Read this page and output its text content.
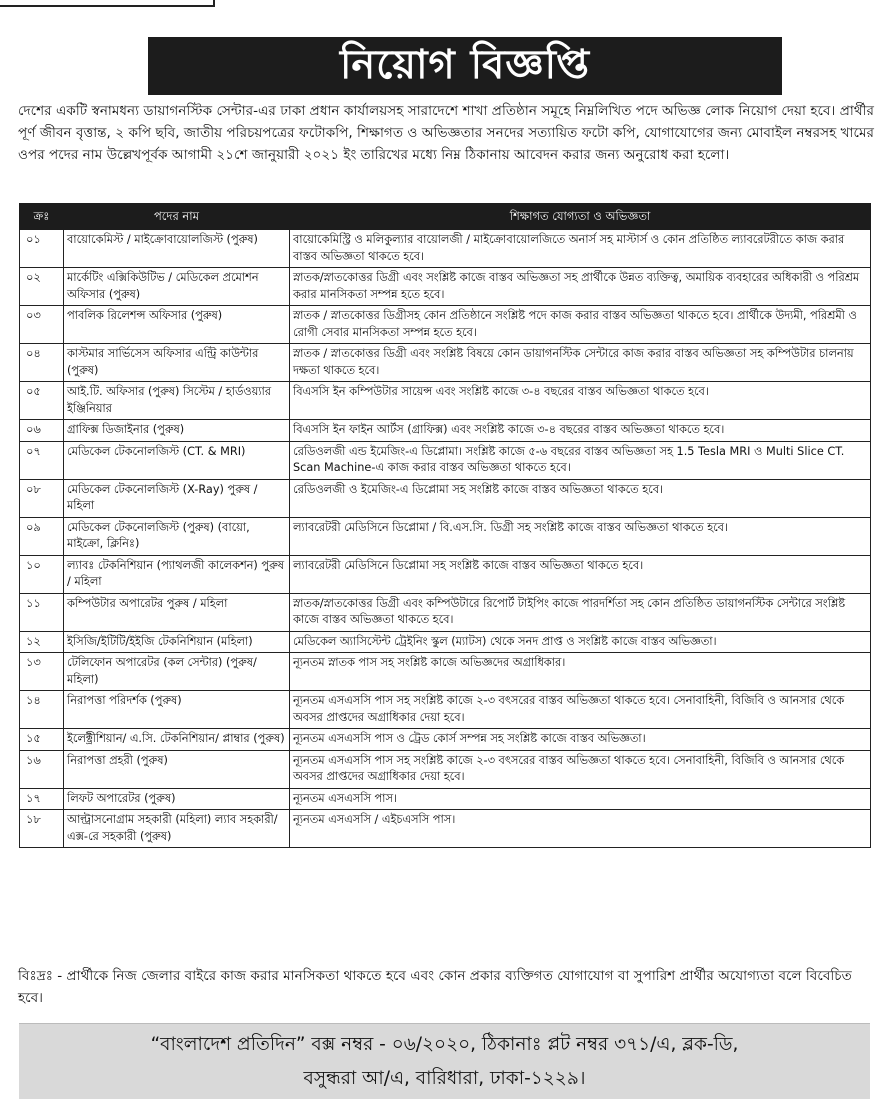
নিয়োগ বিজ্ঞপ্তি
দেশের একটি স্বনামধন্য ডায়াগনস্টিক সেন্টার-এর ঢাকা প্রধান কার্যালয়সহ সারাদেশে শাখা প্রতিষ্ঠান সমূহে নিম্নলিখিত পদে অভিজ্ঞ লোক নিয়োগ দেয়া হবে। প্রার্থীর পূর্ণ জীবন বৃত্তান্ত, ২ কপি ছবি, জাতীয় পরিচয়পত্রের ফটোকপি, শিক্ষাগত ও অভিজ্ঞতার সনদের সত্যায়িত ফটো কপি, যোগাযোগের জন্য মোবাইল নম্বরসহ খামের ওপর পদের নাম উল্লেখপূর্বক আগামী ২১শে জানুয়ারী ২০২১ ইং তারিখের মধ্যে নিম্ন ঠিকানায় আবেদন করার জন্য অনুরোধ করা হলো।
ক্রঃ	পদের নাম	শিক্ষাগত যোগ্যতা ও অভিজ্ঞতা
০১	বায়োকেমিস্ট / মাইক্রোবায়োলজিস্ট (পুরুষ)	বায়োকেমিস্ট্রি ও মলিকুল্যার বায়োলজী / মাইক্রোবায়োলজিতে অনার্স সহ মাস্টার্স ও কোন প্রতিষ্ঠিত ল্যাবরেটরীতে কাজ করার বাস্তব অভিজ্ঞতা থাকতে হবে।
০২	মার্কেটিং এক্সিকিউটিভ / মেডিকেল প্রমোশন অফিসার (পুরুষ)	স্নাতক/স্নাতকোত্তর ডিগ্রী এবং সংশ্লিষ্ট কাজে বাস্তব অভিজ্ঞতা সহ প্রার্থীকে উন্নত ব্যক্তিত্ব, অমায়িক ব্যবহারের অধিকারী ও পরিশ্রম করার মানসিকতা সম্পন্ন হতে হবে।
০৩	পাবলিক রিলেশন্স অফিসার (পুরুষ)	স্নাতক / স্নাতকোত্তর ডিগ্রীসহ কোন প্রতিষ্ঠানে সংশ্লিষ্ট পদে কাজ করার বাস্তব অভিজ্ঞতা থাকতে হবে। প্রার্থীকে উদ্যমী, পরিশ্রমী ও রোগী সেবার মানসিকতা সম্পন্ন হতে হবে।
০৪	কাস্টমার সার্ভিসেস অফিসার এন্ট্রি কাউন্টার (পুরুষ)	স্নাতক / স্নাতকোত্তর ডিগ্রী এবং সংশ্লিষ্ট বিষয়ে কোন ডায়াগনস্টিক সেন্টারে কাজ করার বাস্তব অভিজ্ঞতা সহ কম্পিউটার চালনায় দক্ষতা থাকতে হবে।
০৫	আই.টি. অফিসার (পুরুষ) সিস্টেম / হার্ডওয়্যার ইঞ্জিনিয়ার	বিএসসি ইন কম্পিউটার সায়েন্স এবং সংশ্লিষ্ট কাজে ৩-৪ বছরের বাস্তব অভিজ্ঞতা থাকতে হবে।
০৬	গ্রাফিক্স ডিজাইনার (পুরুষ)	বিএসসি ইন ফাইন আর্টস (গ্রাফিক্স) এবং সংশ্লিষ্ট কাজে ৩-৪ বছরের বাস্তব অভিজ্ঞতা থাকতে হবে।
০৭	মেডিকেল টেকনোলজিস্ট (CT. & MRI)	রেডিওলজী এন্ড ইমেজিং-এ ডিপ্লোমা। সংশ্লিষ্ট কাজে ৫-৬ বছরের বাস্তব অভিজ্ঞতা সহ 1.5 Tesla MRI ও Multi Slice CT. Scan Machine-এ কাজ করার বাস্তব অভিজ্ঞতা থাকতে হবে।
০৮	মেডিকেল টেকনোলজিস্ট (X-Ray) পুরুষ / মহিলা	রেডিওলজী ও ইমেজিং-এ ডিপ্লোমা সহ সংশ্লিষ্ট কাজে বাস্তব অভিজ্ঞতা থাকতে হবে।
০৯	মেডিকেল টেকনোলজিস্ট (পুরুষ) (বায়ো, মাইক্রো, ক্লিনিঃ)	ল্যাবরেটরী মেডিসিনে ডিপ্লোমা / বি.এস.সি. ডিগ্রী সহ সংশ্লিষ্ট কাজে বাস্তব অভিজ্ঞতা থাকতে হবে।
১০	ল্যাবঃ টেকনিশিয়ান (প্যাথলজী কালেকশন) পুরুষ / মহিলা	ল্যাবরেটরী মেডিসিনে ডিপ্লোমা সহ সংশ্লিষ্ট কাজে বাস্তব অভিজ্ঞতা থাকতে হবে।
১১	কম্পিউটার অপারেটর পুরুষ / মহিলা	স্নাতক/স্নাতকোত্তর ডিগ্রী এবং কম্পিউটারে রিপোর্ট টাইপিং কাজে পারদর্শিতা সহ কোন প্রতিষ্ঠিত ডায়াগনস্টিক সেন্টারে সংশ্লিষ্ট কাজে বাস্তব অভিজ্ঞতা থাকতে হবে।
১২	ইসিজি/ইটিটি/ইইজি টেকনিশিয়ান (মহিলা)	মেডিকেল অ্যাসিস্টেন্ট ট্রেইনিং স্কুল (ম্যাটস) থেকে সনদ প্রাপ্ত ও সংশ্লিষ্ট কাজে বাস্তব অভিজ্ঞতা।
১৩	টেলিফোন অপারেটর (কল সেন্টার) (পুরুষ/মহিলা)	ন্যূনতম স্নাতক পাস সহ সংশ্লিষ্ট কাজে অভিজ্ঞদের অগ্রাধিকার।
১৪	নিরাপত্তা পরিদর্শক (পুরুষ)	ন্যূনতম এসএসসি পাস সহ সংশ্লিষ্ট কাজে ২-৩ বৎসরের বাস্তব অভিজ্ঞতা থাকতে হবে। সেনাবাহিনী, বিজিবি ও আনসার থেকে অবসর প্রাপ্তদের অগ্রাধিকার দেয়া হবে।
১৫	ইলেক্ট্রীশিয়ান/ এ.সি. টেকনিশিয়ান/ প্লাম্বার (পুরুষ)	ন্যূনতম এসএসসি পাস ও ট্রেড কোর্স সম্পন্ন সহ সংশ্লিষ্ট কাজে বাস্তব অভিজ্ঞতা।
১৬	নিরাপত্তা প্রহরী (পুরুষ)	ন্যূনতম এসএসসি পাস সহ সংশ্লিষ্ট কাজে ২-৩ বৎসরের বাস্তব অভিজ্ঞতা থাকতে হবে। সেনাবাহিনী, বিজিবি ও আনসার থেকে অবসর প্রাপ্তদের অগ্রাধিকার দেয়া হবে।
১৭	লিফট অপারেটর (পুরুষ)	ন্যূনতম এসএসসি পাস।
১৮	আল্ট্রাসনোগ্রাম সহকারী (মহিলা) ল্যাব সহকারী/এক্স-রে সহকারী (পুরুষ)	ন্যূনতম এসএসসি / এইচএসসি পাস।
বিঃদ্রঃ - প্রার্থীকে নিজ জেলার বাইরে কাজ করার মানসিকতা থাকতে হবে এবং কোন প্রকার ব্যক্তিগত যোগাযোগ বা সুপারিশ প্রার্থীর অযোগ্যতা বলে বিবেচিত হবে।
“বাংলাদেশ প্রতিদিন” বক্স নম্বর - ০৬/২০২০, ঠিকানাঃ প্লট নম্বর ৩৭১/এ, ব্লক-ডি,
বসুন্ধরা আ/এ, বারিধারা, ঢাকা-১২২৯।
